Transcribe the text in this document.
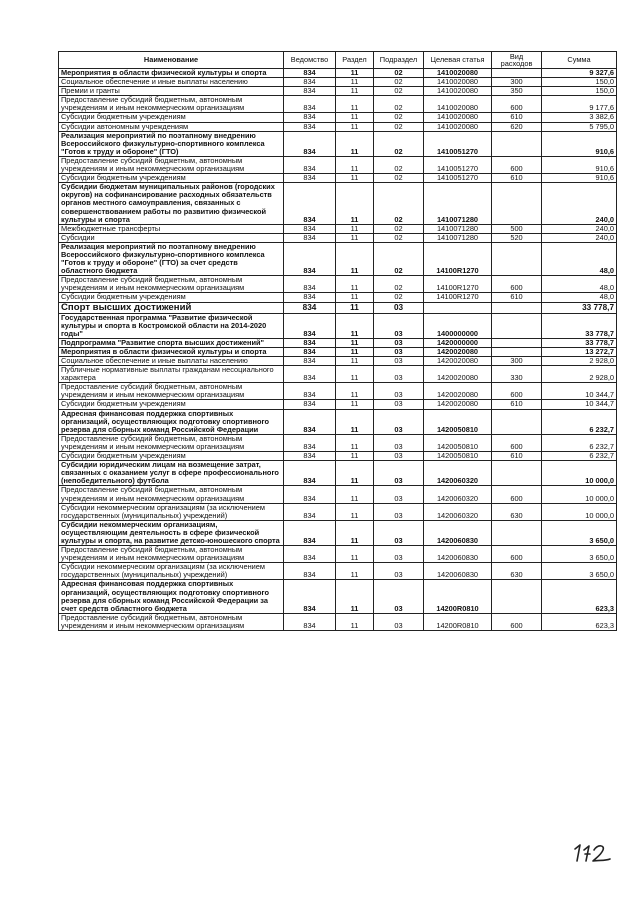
Наименование	Ведомство	Раздел	Подраздел	Целевая статья	Вид расходов	Сумма
Мероприятия в области физической культуры и спорта	834	11	02	1410020080		9 327,6
Социальное обеспечение и иные выплаты населению	834	11	02	1410020080	300	150,0
Премии и гранты	834	11	02	1410020080	350	150,0
Предоставление субсидий бюджетным, автономным учреждениям и иным некоммерческим организациям	834	11	02	1410020080	600	9 177,6
Субсидии бюджетным учреждениям	834	11	02	1410020080	610	3 382,6
Субсидии автономным учреждениям	834	11	02	1410020080	620	5 795,0
Реализация мероприятий по поэтапному внедрению Всероссийского физкультурно-спортивного комплекса "Готов к труду и обороне" (ГТО)	834	11	02	1410051270		910,6
Предоставление субсидий бюджетным, автономным учреждениям и иным некоммерческим организациям	834	11	02	1410051270	600	910,6
Субсидии бюджетным учреждениям	834	11	02	1410051270	610	910,6
Субсидии бюджетам муниципальных районов (городских округов) на софинансирование расходных обязательств органов местного самоуправления, связанных с совершенствованием работы по развитию физической культуры и спорта	834	11	02	1410071280		240,0
Межбюджетные трансферты	834	11	02	1410071280	500	240,0
Субсидии	834	11	02	1410071280	520	240,0
Реализация мероприятий по поэтапному внедрению Всероссийского физкультурно-спортивного комплекса "Готов к труду и обороне" (ГТО) за счет средств областного бюджета	834	11	02	14100R1270		48,0
Предоставление субсидий бюджетным, автономным учреждениям и иным некоммерческим организациям	834	11	02	14100R1270	600	48,0
Субсидии бюджетным учреждениям	834	11	02	14100R1270	610	48,0
Спорт высших достижений	834	11	03			33 778,7
Государственная программа "Развитие физической культуры и спорта в Костромской области на 2014-2020 годы"	834	11	03	1400000000		33 778,7
Подпрограмма "Развитие спорта высших достижений"	834	11	03	1420000000		33 778,7
Мероприятия в области физической культуры и спорта	834	11	03	1420020080		13 272,7
Социальное обеспечение и иные выплаты населению	834	11	03	1420020080	300	2 928,0
Публичные нормативные выплаты гражданам несоциального характера	834	11	03	1420020080	330	2 928,0
Предоставление субсидий бюджетным, автономным учреждениям и иным некоммерческим организациям	834	11	03	1420020080	600	10 344,7
Субсидии бюджетным учреждениям	834	11	03	1420020080	610	10 344,7
Адресная финансовая поддержка спортивных организаций, осуществляющих подготовку спортивного резерва для сборных команд Российской Федерации	834	11	03	1420050810		6 232,7
Предоставление субсидий бюджетным, автономным учреждениям и иным некоммерческим организациям	834	11	03	1420050810	600	6 232,7
Субсидии бюджетным учреждениям	834	11	03	1420050810	610	6 232,7
Субсидии юридическим лицам на возмещение затрат, связанных с оказанием услуг в сфере профессионального (непобедительного) футбола	834	11	03	1420060320		10 000,0
Предоставление субсидий бюджетным, автономным учреждениям и иным некоммерческим организациям	834	11	03	1420060320	600	10 000,0
Субсидии некоммерческим организациям (за исключением государственных (муниципальных) учреждений)	834	11	03	1420060320	630	10 000,0
Субсидии некоммерческим организациям, осуществляющим деятельность в сфере физической культуры и спорта, на развитие детско-юношеского спорта	834	11	03	1420060830		3 650,0
Предоставление субсидий бюджетным, автономным учреждениям и иным некоммерческим организациям	834	11	03	1420060830	600	3 650,0
Субсидии некоммерческим организациям (за исключением государственных (муниципальных) учреждений)	834	11	03	1420060830	630	3 650,0
Адресная финансовая поддержка спортивных организаций, осуществляющих подготовку спортивного резерва для сборных команд Российской Федерации за счет средств областного бюджета	834	11	03	14200R0810		623,3
Предоставление субсидий бюджетным, автономным учреждениям и иным некоммерческим организациям	834	11	03	14200R0810	600	623,3
